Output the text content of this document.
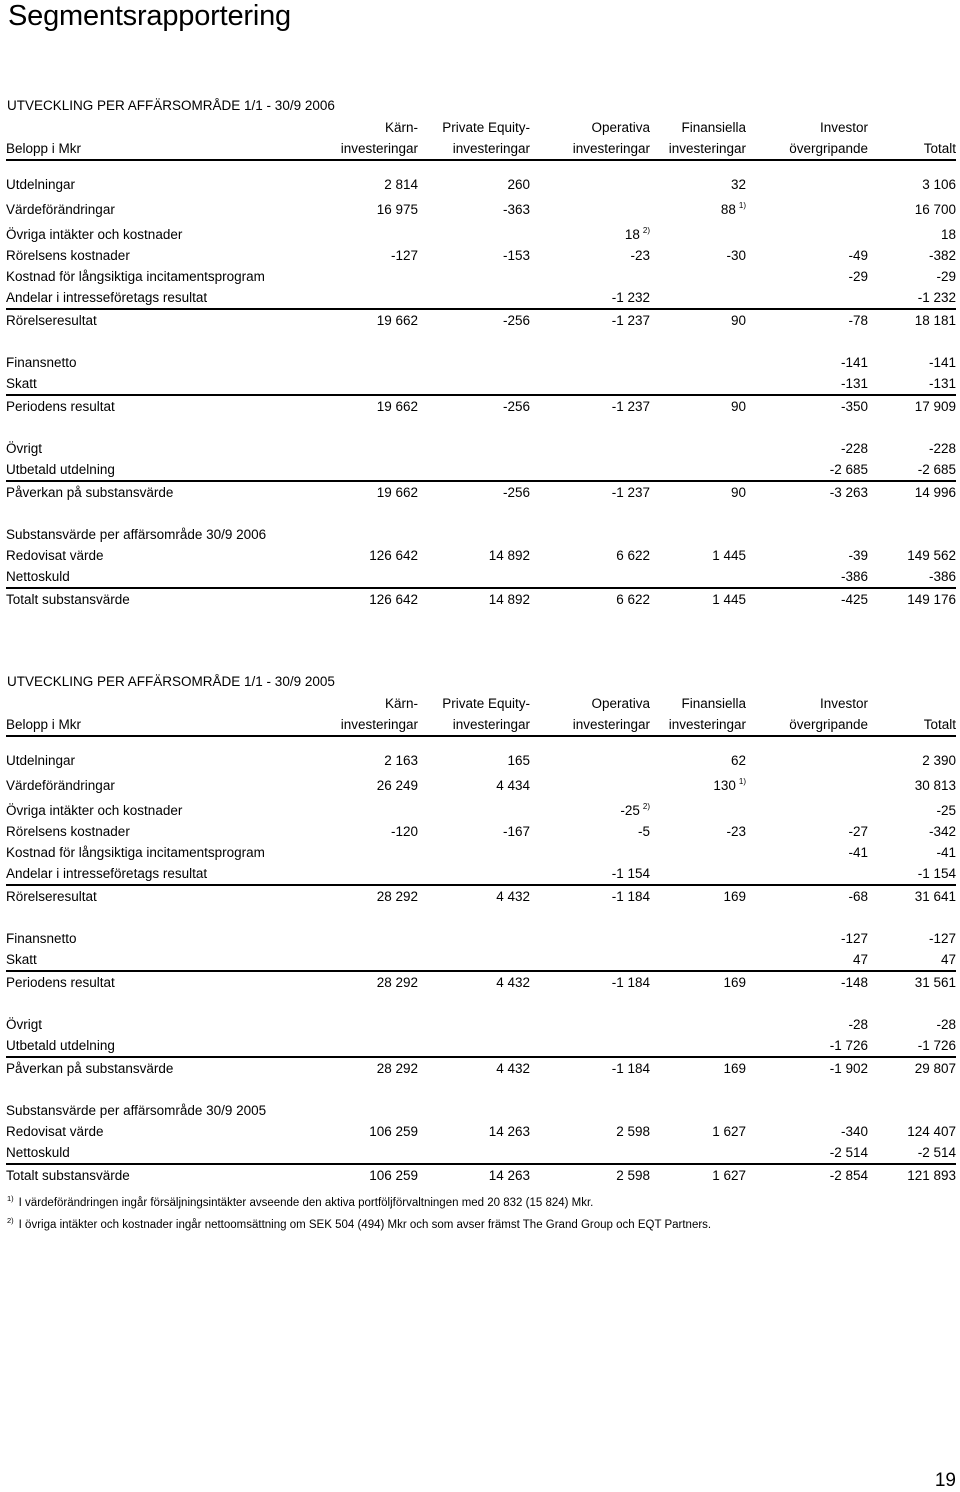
Segmentsrapportering
UTVECKLING PER AFFÄRSOMRÅDE 1/1 - 30/9 2006
	Kärn-	Private Equity-	Operativa	Finansiella	Investor	
Belopp i Mkr	investeringar	investeringar	investeringar	investeringar	övergripande	Totalt

Utdelningar	2 814	260		32		3 106
Värdeförändringar	16 975	-363		88 $^{1)}$		16 700
Övriga intäkter och kostnader			18 $^{2)}$			18
Rörelsens kostnader	-127	-153	-23	-30	-49	-382
Kostnad för långsiktiga incitamentsprogram					-29	-29
Andelar i intresseföretags resultat			-1 232			-1 232
Rörelseresultat	19 662	-256	-1 237	90	-78	18 181

Finansnetto					-141	-141
Skatt					-131	-131
Periodens resultat	19 662	-256	-1 237	90	-350	17 909

Övrigt					-228	-228
Utbetald utdelning					-2 685	-2 685
Påverkan på substansvärde	19 662	-256	-1 237	90	-3 263	14 996

Substansvärde per affärsområde 30/9 2006						
Redovisat värde	126 642	14 892	6 622	1 445	-39	149 562
Nettoskuld					-386	-386
Totalt substansvärde	126 642	14 892	6 622	1 445	-425	149 176
UTVECKLING PER AFFÄRSOMRÅDE 1/1 - 30/9 2005
	Kärn-	Private Equity-	Operativa	Finansiella	Investor	
Belopp i Mkr	investeringar	investeringar	investeringar	investeringar	övergripande	Totalt

Utdelningar	2 163	165		62		2 390
Värdeförändringar	26 249	4 434		130 $^{1)}$		30 813
Övriga intäkter och kostnader			-25 $^{2)}$			-25
Rörelsens kostnader	-120	-167	-5	-23	-27	-342
Kostnad för långsiktiga incitamentsprogram					-41	-41
Andelar i intresseföretags resultat			-1 154			-1 154
Rörelseresultat	28 292	4 432	-1 184	169	-68	31 641

Finansnetto					-127	-127
Skatt					47	47
Periodens resultat	28 292	4 432	-1 184	169	-148	31 561

Övrigt					-28	-28
Utbetald utdelning					-1 726	-1 726
Påverkan på substansvärde	28 292	4 432	-1 184	169	-1 902	29 807

Substansvärde per affärsområde 30/9 2005						
Redovisat värde	106 259	14 263	2 598	1 627	-340	124 407
Nettoskuld					-2 514	-2 514
Totalt substansvärde	106 259	14 263	2 598	1 627	-2 854	121 893
$^{1)}$ I värdeförändringen ingår försäljningsintäkter avseende den aktiva portföljförvaltningen med 20 832 (15 824) Mkr.
$^{2)}$ I övriga intäkter och kostnader ingår nettoomsättning om SEK 504 (494) Mkr och som avser främst The Grand Group och EQT Partners.
19
